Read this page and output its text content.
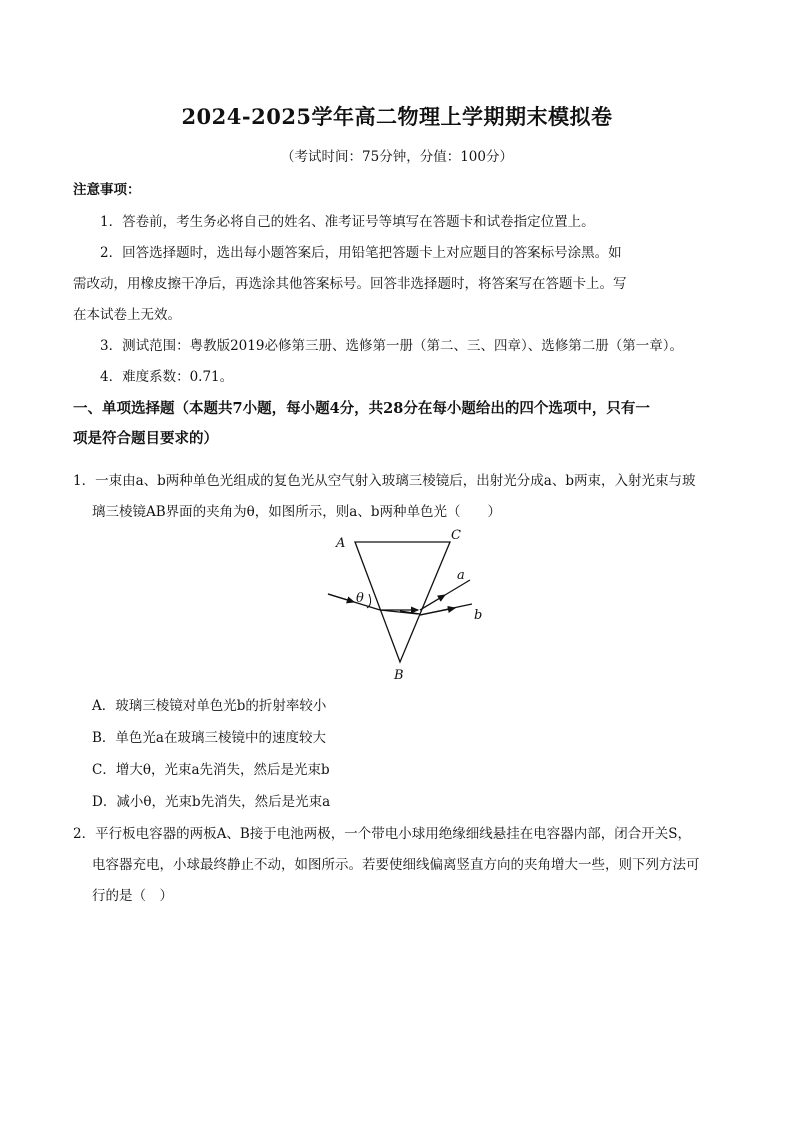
2024-2025学年高二物理上学期期末模拟卷
（考试时间：75分钟，分值：100分）
注意事项：
1．答卷前，考生务必将自己的姓名、准考证号等填写在答题卡和试卷指定位置上。
2．回答选择题时，选出每小题答案后，用铅笔把答题卡上对应题目的答案标号涂黑。如
需改动，用橡皮擦干净后，再选涂其他答案标号。回答非选择题时，将答案写在答题卡上。写
在本试卷上无效。
3．测试范围：粤教版2019必修第三册、选修第一册（第二、三、四章）、选修第二册（第一章）。
4．难度系数：0.71。
一、单项选择题（本题共7小题，每小题4分，共28分在每小题给出的四个选项中，只有一
项是符合题目要求的）
1．一束由a、b两种单色光组成的复色光从空气射入玻璃三棱镜后，出射光分成a、b两束，入射光束与玻
璃三棱镜AB界面的夹角为θ，如图所示，则a、b两种单色光（　　）
A
C
B
a
b
θ
A．玻璃三棱镜对单色光b的折射率较小
B．单色光a在玻璃三棱镜中的速度较大
C．增大θ，光束a先消失，然后是光束b
D．减小θ，光束b先消失，然后是光束a
2．平行板电容器的两板A、B接于电池两极，一个带电小球用绝缘细线悬挂在电容器内部，闭合开关S，
电容器充电，小球最终静止不动，如图所示。若要使细线偏离竖直方向的夹角增大一些，则下列方法可
行的是（　）
